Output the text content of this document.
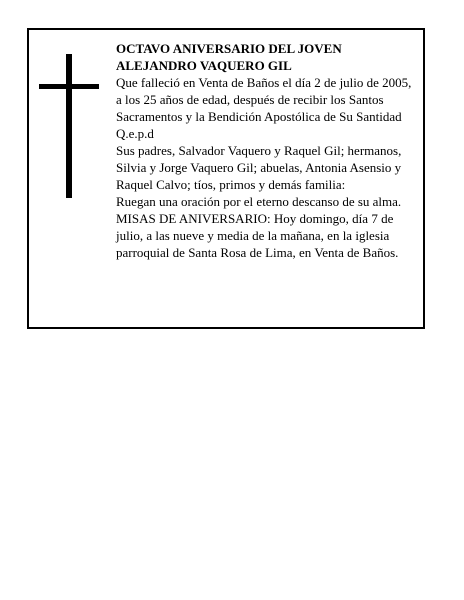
OCTAVO ANIVERSARIO DEL JOVEN ALEJANDRO VAQUERO GIL

Que falleció en Venta de Baños el día 2 de julio de 2005, a los 25 años de edad, después de recibir los Santos Sacramentos y la Bendición Apostólica de Su Santidad

Q.e.p.d

Sus padres, Salvador Vaquero y Raquel Gil; hermanos, Silvia y Jorge Vaquero Gil; abuelas, Antonia Asensio y Raquel Calvo; tíos, primos y demás familia:

Ruegan una oración por el eterno descanso de su alma.

MISAS DE ANIVERSARIO: Hoy domingo, día 7 de julio, a las nueve y media de la mañana, en la iglesia parroquial de Santa Rosa de Lima, en Venta de Baños.
